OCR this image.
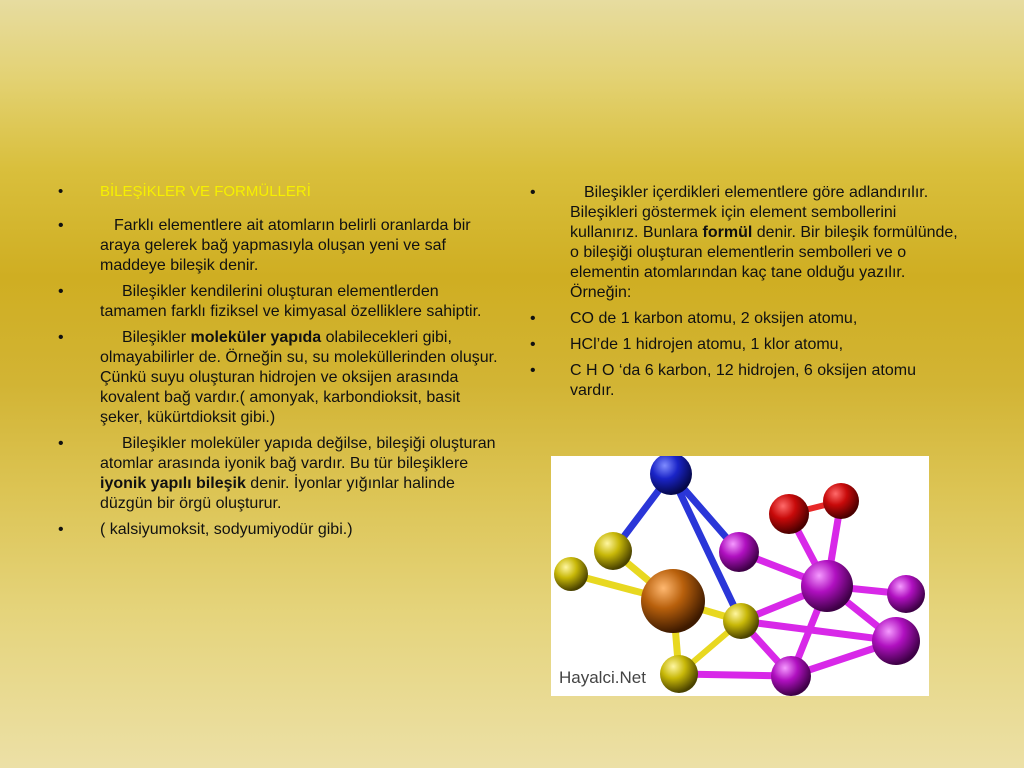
•	BİLEŞİKLER VE FORMÜLLERİ
•	Farklı elementlere ait atomların belirli oranlarda bir araya gelerek bağ yapmasıyla oluşan yeni ve saf maddeye bileşik denir.
•	Bileşikler kendilerini oluşturan elementlerden tamamen farklı fiziksel ve kimyasal özelliklere sahiptir.
•	Bileşikler moleküler yapıda olabilecekleri gibi, olmayabilirler de. Örneğin su, su moleküllerinden oluşur. Çünkü suyu oluşturan hidrojen ve oksijen arasında kovalent bağ vardır.( amonyak, karbondioksit, basit şeker, kükürtdioksit gibi.)
•	Bileşikler moleküler yapıda değilse, bileşiği oluşturan atomlar arasında iyonik bağ vardır. Bu tür bileşiklere iyonik yapılı bileşik denir. İyonlar yığınlar halinde düzgün bir örgü oluşturur.
•	( kalsiyumoksit, sodyumiyodür gibi.)
•	Bileşikler içerdikleri elementlere göre adlandırılır. Bileşikleri göstermek için element sembollerini kullanırız. Bunlara formül denir. Bir bileşik formülünde, o bileşiği oluşturan elementlerin sembolleri ve o elementin atomlarından kaç tane olduğu yazılır. Örneğin:
•	CO de 1 karbon atomu, 2 oksijen atomu,
•	HCl’de 1 hidrojen atomu, 1 klor atomu,
•	C H O ‘da 6 karbon, 12 hidrojen, 6 oksijen atomu vardır.
Hayalci.Net
